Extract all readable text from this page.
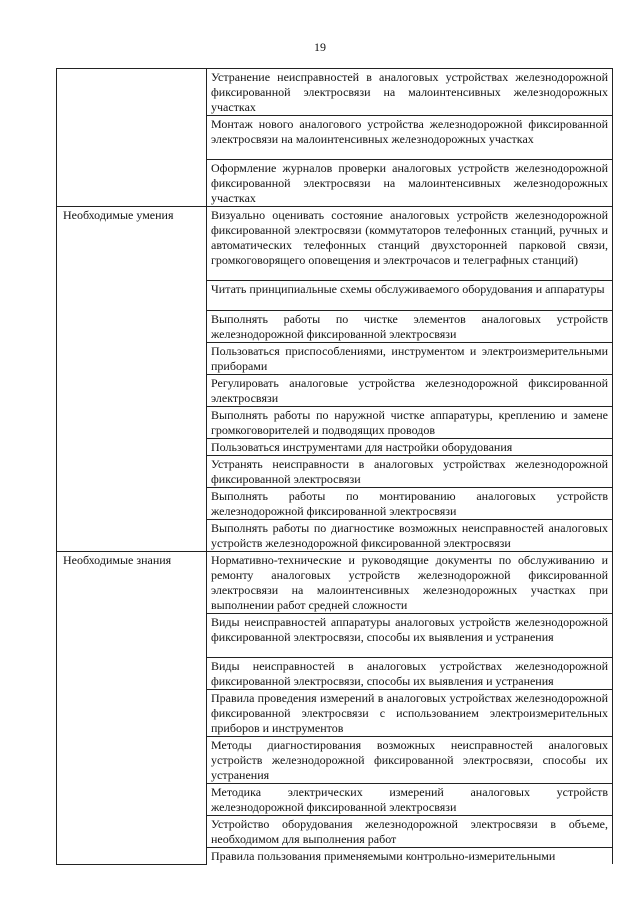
19
	Устранение неисправностей в аналоговых устройствах железнодорожной фиксированной электросвязи на малоинтенсивных железнодорожных участках
	Монтаж нового аналогового устройства железнодорожной фиксированной электросвязи на малоинтенсивных железнодорожных участках
	Оформление журналов проверки аналоговых устройств железнодорожной фиксированной электросвязи на малоинтенсивных железнодорожных участках
Необходимые умения	Визуально оценивать состояние аналоговых устройств железнодорожной фиксированной электросвязи (коммутаторов телефонных станций, ручных и автоматических телефонных станций двухсторонней парковой связи, громкоговорящего оповещения и электрочасов и телеграфных станций)
	Читать принципиальные схемы обслуживаемого оборудования и аппаратуры
	Выполнять работы по чистке элементов аналоговых устройств железнодорожной фиксированной электросвязи
	Пользоваться приспособлениями, инструментом и электроизмерительными приборами
	Регулировать аналоговые устройства железнодорожной фиксированной электросвязи
	Выполнять работы по наружной чистке аппаратуры, креплению и замене громкоговорителей и подводящих проводов
	Пользоваться инструментами для настройки оборудования
	Устранять неисправности в аналоговых устройствах железнодорожной фиксированной электросвязи
	Выполнять работы по монтированию аналоговых устройств железнодорожной фиксированной электросвязи
	Выполнять работы по диагностике возможных неисправностей аналоговых устройств железнодорожной фиксированной электросвязи
Необходимые знания	Нормативно-технические и руководящие документы по обслуживанию и ремонту аналоговых устройств железнодорожной фиксированной электросвязи на малоинтенсивных железнодорожных участках при выполнении работ средней сложности
	Виды неисправностей аппаратуры аналоговых устройств железнодорожной фиксированной электросвязи, способы их выявления и устранения
	Виды неисправностей в аналоговых устройствах железнодорожной фиксированной электросвязи, способы их выявления и устранения
	Правила проведения измерений в аналоговых устройствах железнодорожной фиксированной электросвязи с использованием электроизмерительных приборов и инструментов
	Методы диагностирования возможных неисправностей аналоговых устройств железнодорожной фиксированной электросвязи, способы их устранения
	Методика электрических измерений аналоговых устройств железнодорожной фиксированной электросвязи
	Устройство оборудования железнодорожной электросвязи в объеме, необходимом для выполнения работ
	Правила пользования применяемыми контрольно-измерительными
